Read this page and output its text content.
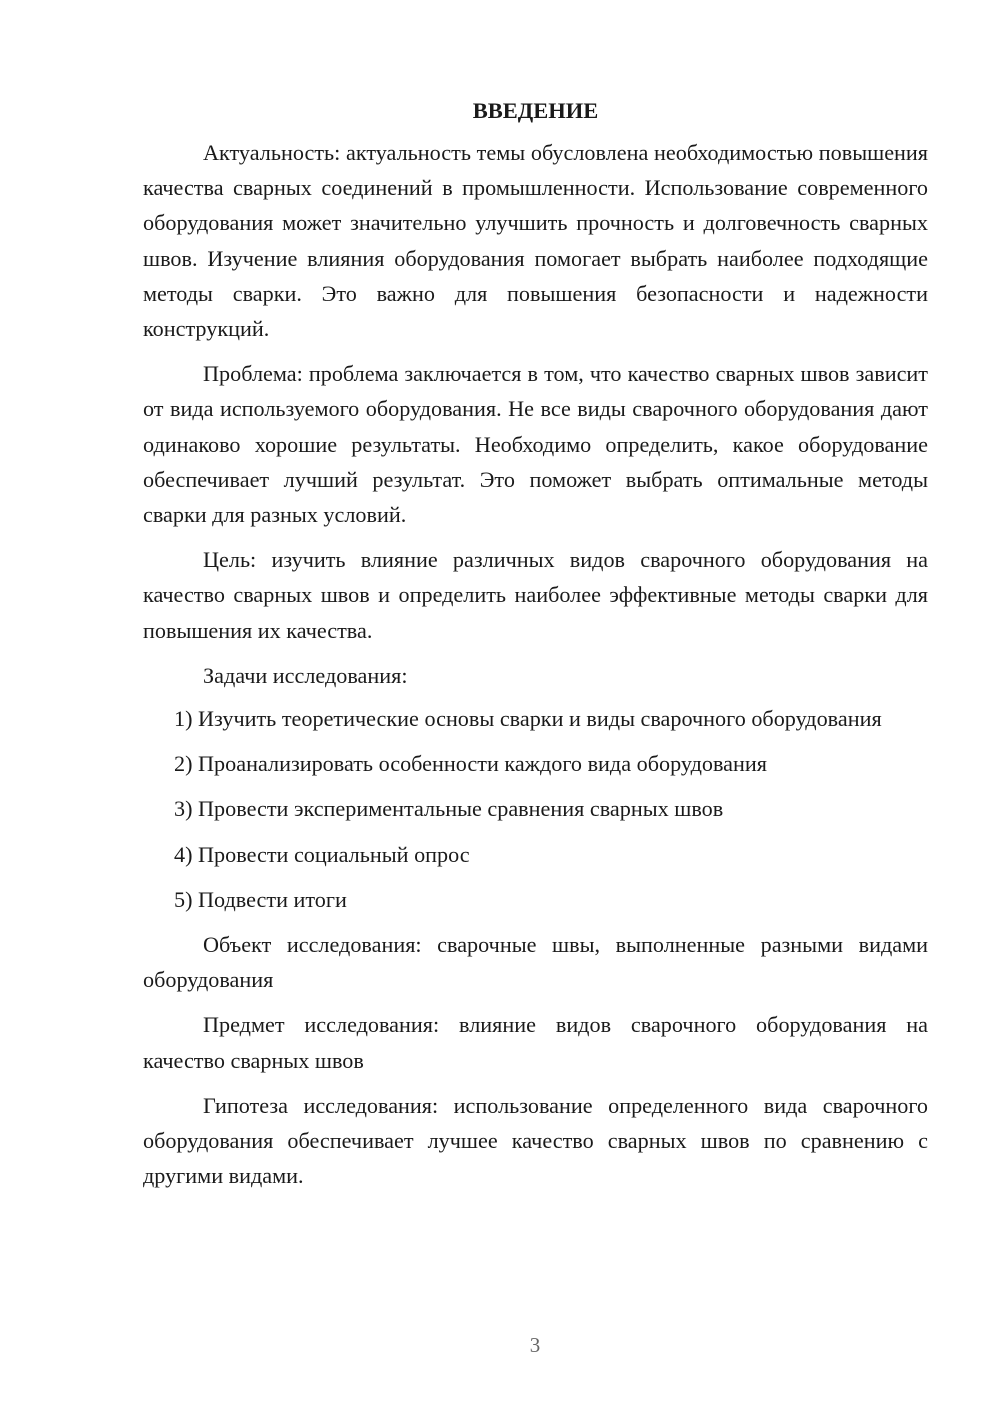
ВВЕДЕНИЕ

Актуальность: актуальность темы обусловлена необходимостью повышения качества сварных соединений в промышленности. Использование современного оборудования может значительно улучшить прочность и долговечность сварных швов. Изучение влияния оборудования помогает выбрать наиболее подходящие методы сварки. Это важно для повышения безопасности и надежности конструкций.

Проблема: проблема заключается в том, что качество сварных швов зависит от вида используемого оборудования. Не все виды сварочного оборудования дают одинаково хорошие результаты. Необходимо определить, какое оборудование обеспечивает лучший результат. Это поможет выбрать оптимальные методы сварки для разных условий.

Цель: изучить влияние различных видов сварочного оборудования на качество сварных швов и определить наиболее эффективные методы сварки для повышения их качества.

Задачи исследования:

1) Изучить теоретические основы сварки и виды сварочного оборудования
2) Проанализировать особенности каждого вида оборудования
3) Провести экспериментальные сравнения сварных швов
4) Провести социальный опрос
5) Подвести итоги

Объект исследования: сварочные швы, выполненные разными видами оборудования

Предмет исследования: влияние видов сварочного оборудования на качество сварных швов

Гипотеза исследования: использование определенного вида сварочного оборудования обеспечивает лучшее качество сварных швов по сравнению с другими видами.

3
